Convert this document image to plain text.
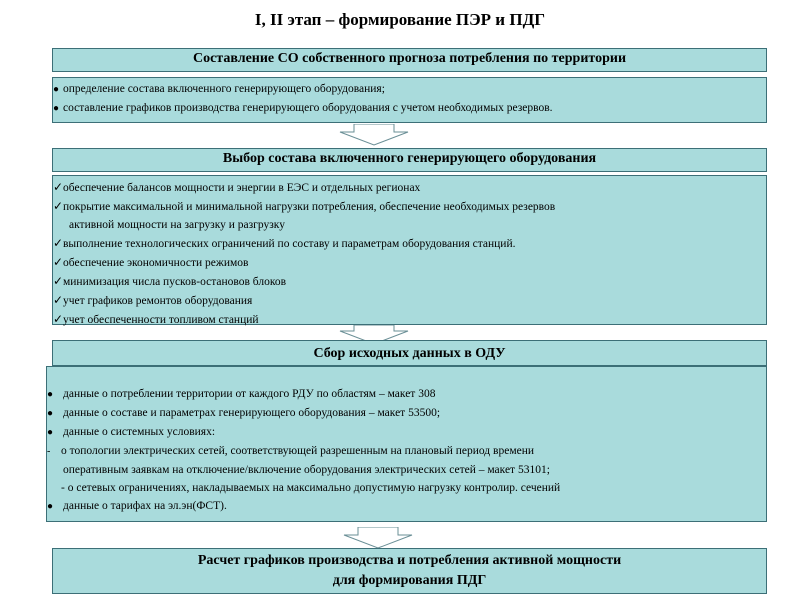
I, II этап – формирование ПЭР и ПДГ
Составление СО собственного прогноза потребления по территории
● определение состава включенного генерирующего оборудования;
● составление графиков производства генерирующего оборудования с учетом необходимых резервов.
Выбор состава включенного генерирующего оборудования
✓ обеспечение балансов мощности и энергии в ЕЭС и отдельных регионах
✓ покрытие максимальной и минимальной нагрузки потребления, обеспечение необходимых резервов
активной мощности на загрузку и разгрузку
✓ выполнение технологических ограничений по составу и параметрам оборудования станций.
✓ обеспечение экономичности режимов
✓ минимизация числа пусков-остановов блоков
✓ учет графиков ремонтов оборудования
✓ учет обеспеченности топливом станций
Сбор исходных данных в ОДУ
● данные о потреблении территории от каждого РДУ по областям – макет 308
● данные о составе и параметрах генерирующего оборудования – макет 53500;
● данные о системных условиях:
- о топологии электрических сетей, соответствующей разрешенным на плановый период времени
оперативным заявкам на отключение/включение оборудования электрических сетей – макет 53101;
- о сетевых ограничениях, накладываемых на максимально допустимую нагрузку контролир. сечений
● данные о тарифах на эл.эн(ФСТ).
Расчет графиков производства и потребления активной мощности
для формирования ПДГ
